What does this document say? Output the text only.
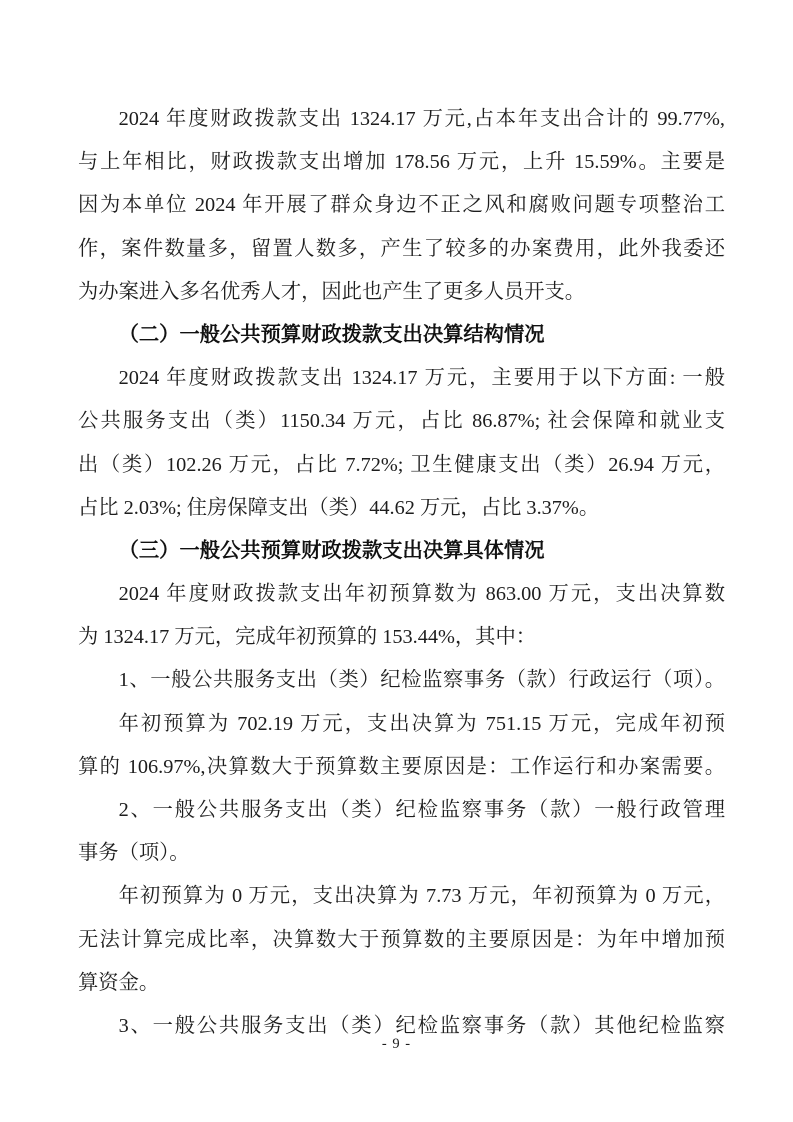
2024 年度财政拨款支出 1324.17 万元,占本年支出合计的 99.77%,
与上年相比，财政拨款支出增加 178.56 万元，上升 15.59%。主要是
因为本单位 2024 年开展了群众身边不正之风和腐败问题专项整治工
作，案件数量多，留置人数多，产生了较多的办案费用，此外我委还
为办案进入多名优秀人才，因此也产生了更多人员开支。
（二）一般公共预算财政拨款支出决算结构情况
2024 年度财政拨款支出 1324.17 万元，主要用于以下方面: 一般
公共服务支出（类）1150.34 万元，占比 86.87%; 社会保障和就业支
出（类）102.26 万元，占比 7.72%; 卫生健康支出（类）26.94 万元，
占比 2.03%; 住房保障支出（类）44.62 万元，占比 3.37%。
（三）一般公共预算财政拨款支出决算具体情况
2024 年度财政拨款支出年初预算数为 863.00 万元，支出决算数
为 1324.17 万元，完成年初预算的 153.44%，其中：
1、一般公共服务支出（类）纪检监察事务（款）行政运行（项）。
年初预算为 702.19 万元，支出决算为 751.15 万元，完成年初预
算的 106.97%,决算数大于预算数主要原因是：工作运行和办案需要。
2、一般公共服务支出（类）纪检监察事务（款）一般行政管理
事务（项）。
年初预算为 0 万元，支出决算为 7.73 万元，年初预算为 0 万元，
无法计算完成比率，决算数大于预算数的主要原因是：为年中增加预
算资金。
3、一般公共服务支出（类）纪检监察事务（款）其他纪检监察
- 9 -
